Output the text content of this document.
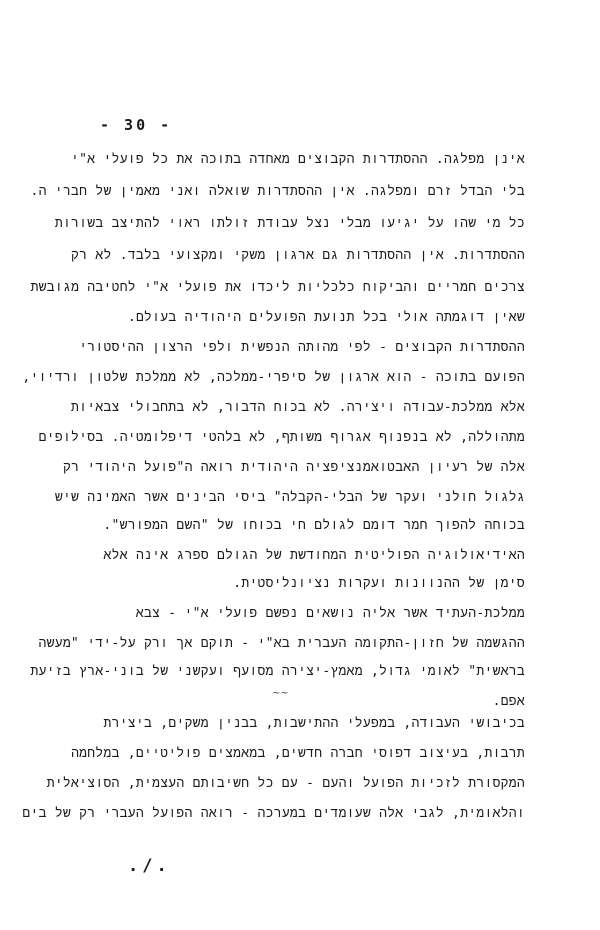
- 30 -
אינן מפלגה. ההסתדרות הקבוצים מאחדה בתוכה את כל פועלי א"י
בלי הבדל זרם ומפלגה. אין ההסתדרות שואלה ואני מאמין של חברי ה.
כל מי שהו על יגיעו מבלי נצל עבודת זולתו ראוי להתיצב בשורות
ההסתדרות. אין ההסתדרות גם ארגון משקי ומקצועי בלבד. לא רק
צרכים חמריים והביקוח כלכליות ליכדו את פועלי א"י לחטיבה מגובשת
שאין דוגמתה אולי בכל תנועת הפועלים היהודיה בעולם.
ההסתדרות הקבוצים - לפי מהותה הנפשית ולפי הרצון ההיסטורי
הפועם בתוכה - הוא ארגון של סיפרי-ממלכה, לא ממלכת שלטון ורדיוי,
אלא ממלכת-עבודה ויצירה. לא בכוח הדבור, לא בתחבולי צבאיות
מתהוללה, לא בנפנוף אגרוף משותף, לא בלהטי דיפלומטיה. בסילופים
אלה של רעיון האבטואמנציפציה היהודית רואה ה"פועל היהודי רק
גלגול חולני ועקר של הבלי-הקבלה" ביסי הבינים אשר האמינה שיש
בכוחה להפוך חמר דומם לגולם חי בכוחו של "השם המפורש".
האידיאולוגיה הפוליטית המחודשת של הגולם ספרג אינה אלא
סימן של ההנוונות ועקרות נציונליסטית.
ממלכת-העתיד אשר אליה נושאים נפשם פועלי א"י - צבא
ההגשמה של חזון-התקומה העברית בא"י - תוקם אך ורק על-ידי "מעשה
בראשית" לאומי גדול, מאמץ-יצירה מסועף ועקשני של בוני-ארץ בזיעת
אפם.
~~
בכיבושי העבודה, במפעלי ההתישבות, בבנין משקים, ביצירת
תרבות, בעיצוב דפוסי חברה חדשים, במאמצים פוליטיים, במלחמה
המקסורת לזכיות הפועל והעם - עם כל חשיבותם העצמית, הסוציאלית
והלאומית, לגבי אלה שעומדים במערכה - רואה הפועל העברי רק של בים
./.
